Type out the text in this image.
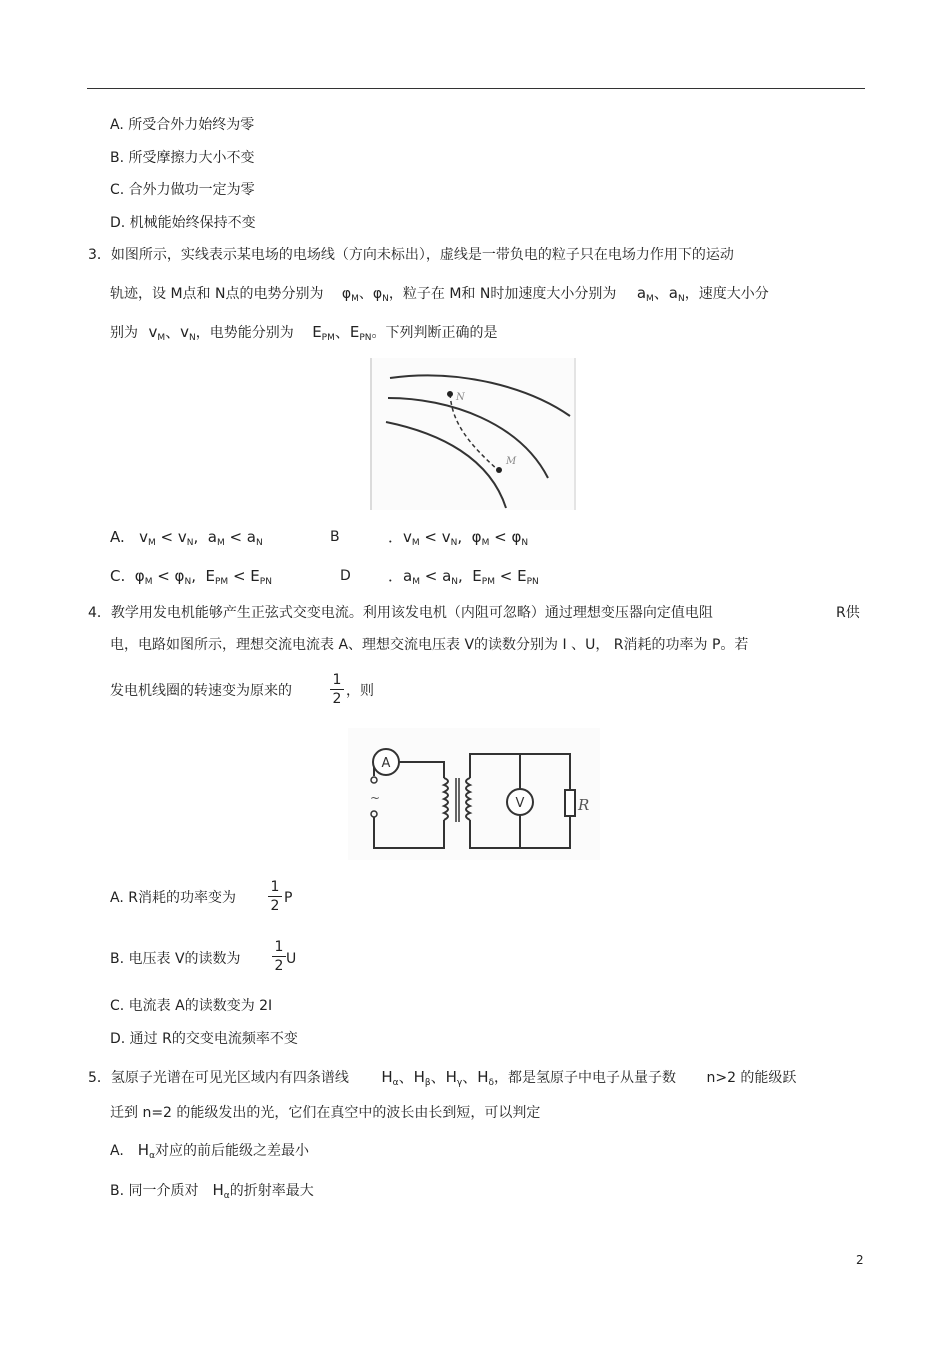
A. 所受合外力始终为零
B. 所受摩擦力大小不变
C. 合外力做功一定为零
D. 机械能始终保持不变
3．如图所示，实线表示某电场的电场线（方向未标出），虚线是一带负电的粒子只在电场力作用下的运动
轨迹，设 M点和 N点的电势分别为 $\varphi_M$、$\varphi_N$，粒子在 M和 N时加速度大小分别为 $a_M$、$a_N$，速度大小分
别为 $v_M$、$v_N$，电势能分别为 $E_{PM}$、$E_{PN}$。下列判断正确的是
N
M
A.   $v_M < v_N$,  $a_M < a_N$	B	．$v_M < v_N$,  $\varphi_M < \varphi_N$
C.  $\varphi_M < \varphi_N$,  $E_{PM} < E_{PN}$	D ．$a_M < a_N$,  $E_{PM} < E_{PN}$
4．教学用发电机能够产生正弦式交变电流。利用该发电机（内阻可忽略）通过理想变压器向定值电阻	R供
电，电路如图所示，理想交流电流表 A、理想交流电压表 V的读数分别为 I 、U， R消耗的功率为 P。若
发电机线圈的转速变为原来的
1
2 ，则
A
~	V	R
A. R消耗的功率变为
1
2 P
B. 电压表 V的读数为
1
2 U
C. 电流表 A的读数变为 2I
D. 通过 R的交变电流频率不变
5．氢原子光谱在可见光区域内有四条谱线 $H_\alpha$、$H_\beta$、$H_\gamma$、$H_\delta$，都是氢原子中电子从量子数 n>2 的能级跃
迁到 n=2 的能级发出的光，它们在真空中的波长由长到短，可以判定
A. $H_\alpha$对应的前后能级之差最小
B. 同一介质对 $H_\alpha$的折射率最大
2
